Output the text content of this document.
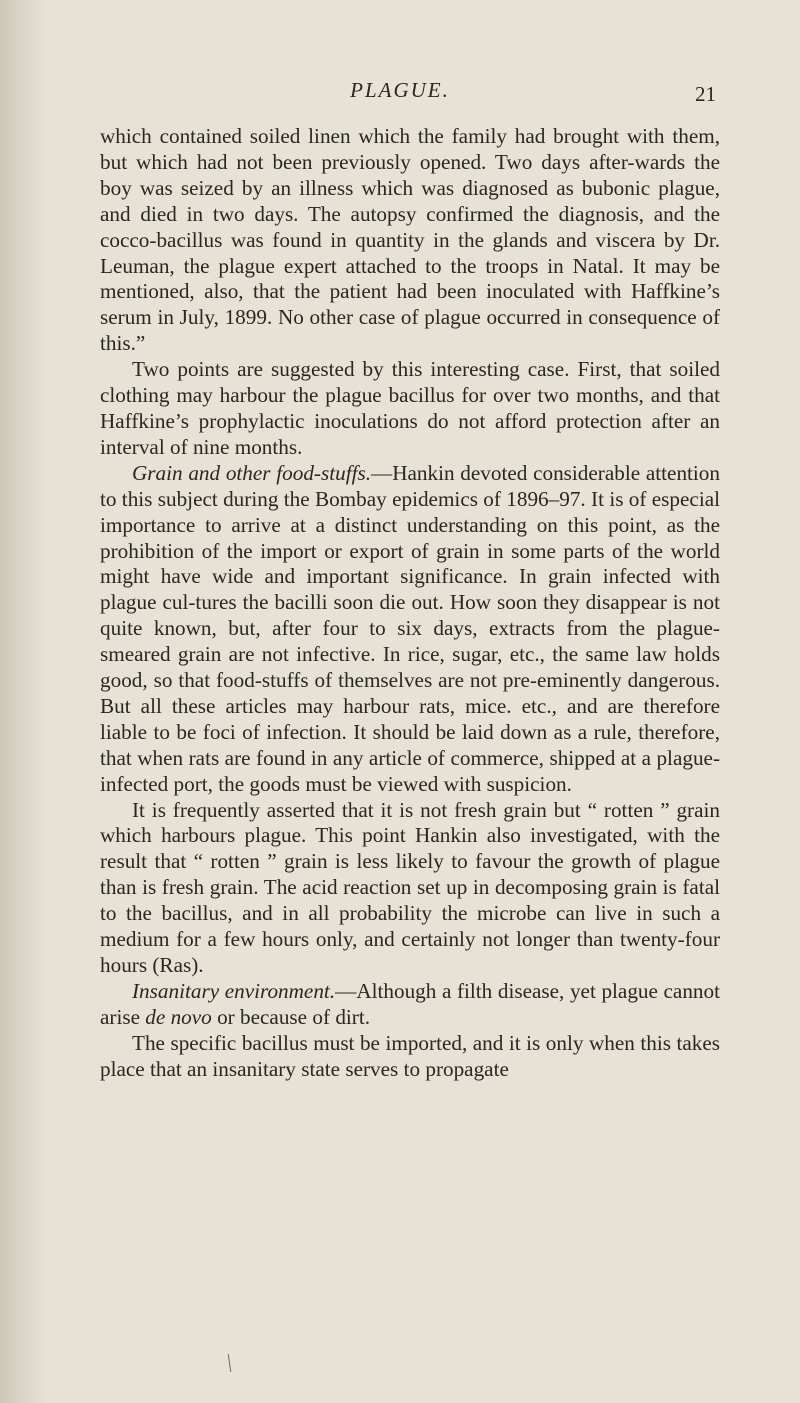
PLAGUE.	21

which contained soiled linen which the family had brought with them, but which had not been previously opened. Two days after-wards the boy was seized by an illness which was diagnosed as bubonic plague, and died in two days. The autopsy confirmed the diagnosis, and the cocco-bacillus was found in quantity in the glands and viscera by Dr. Leuman, the plague expert attached to the troops in Natal. It may be mentioned, also, that the patient had been inoculated with Haffkine’s serum in July, 1899. No other case of plague occurred in consequence of this.”

Two points are suggested by this interesting case. First, that soiled clothing may harbour the plague bacillus for over two months, and that Haffkine’s prophylactic inoculations do not afford protection after an interval of nine months.

Grain and other food-stuffs.—Hankin devoted considerable attention to this subject during the Bombay epidemics of 1896–97. It is of especial importance to arrive at a distinct understanding on this point, as the prohibition of the import or export of grain in some parts of the world might have wide and important significance. In grain infected with plague cul-tures the bacilli soon die out. How soon they disappear is not quite known, but, after four to six days, extracts from the plague-smeared grain are not infective. In rice, sugar, etc., the same law holds good, so that food-stuffs of themselves are not pre-eminently dangerous. But all these articles may harbour rats, mice. etc., and are therefore liable to be foci of infection. It should be laid down as a rule, therefore, that when rats are found in any article of commerce, shipped at a plague-infected port, the goods must be viewed with suspicion.

It is frequently asserted that it is not fresh grain but “ rotten ” grain which harbours plague. This point Hankin also investigated, with the result that “ rotten ” grain is less likely to favour the growth of plague than is fresh grain. The acid reaction set up in decomposing grain is fatal to the bacillus, and in all probability the microbe can live in such a medium for a few hours only, and certainly not longer than twenty-four hours (Ras).

Insanitary environment.—Although a filth disease, yet plague cannot arise de novo or because of dirt.

The specific bacillus must be imported, and it is only when this takes place that an insanitary state serves to propagate
